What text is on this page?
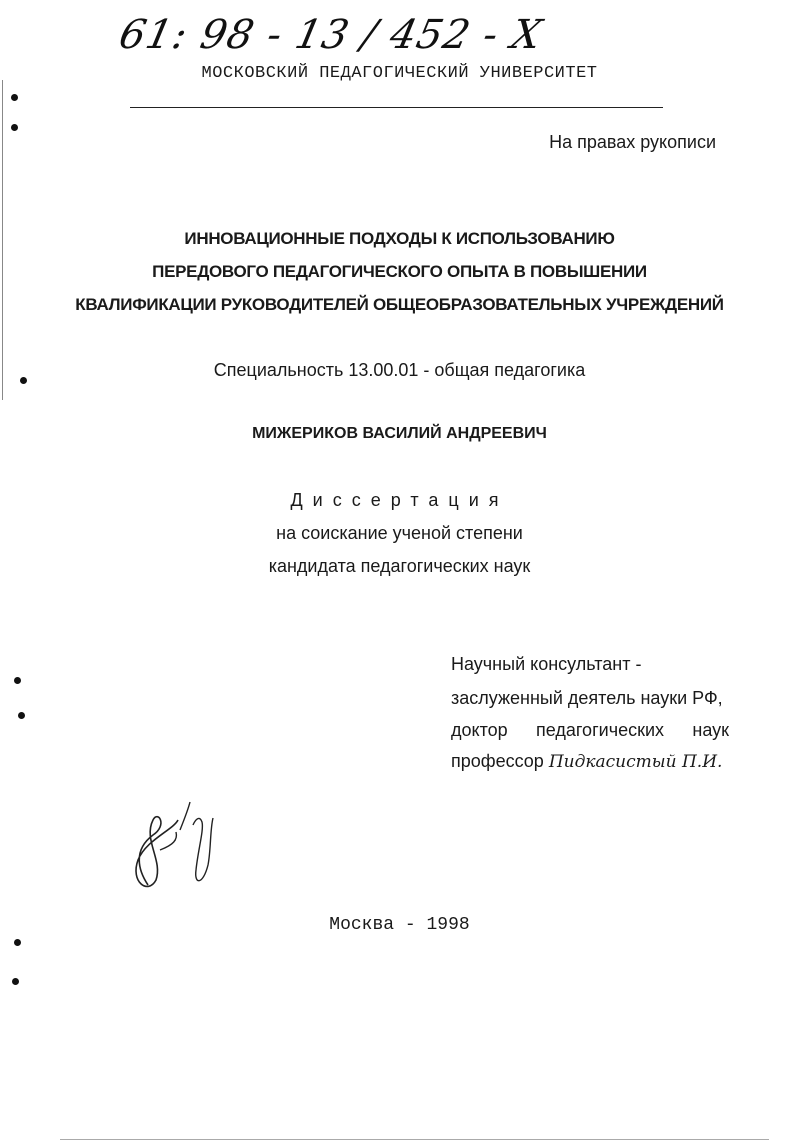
61: 98 - 13 / 452 - X
МОСКОВСКИЙ ПЕДАГОГИЧЕСКИЙ УНИВЕРСИТЕТ
На правах рукописи
ИННОВАЦИОННЫЕ ПОДХОДЫ К ИСПОЛЬЗОВАНИЮ
ПЕРЕДОВОГО ПЕДАГОГИЧЕСКОГО ОПЫТА В ПОВЫШЕНИИ
КВАЛИФИКАЦИИ РУКОВОДИТЕЛЕЙ ОБЩЕОБРАЗОВАТЕЛЬНЫХ УЧРЕЖДЕНИЙ
Специальность 13.00.01 - общая педагогика
МИЖЕРИКОВ ВАСИЛИЙ АНДРЕЕВИЧ
Диссертация
на соискание ученой степени
кандидата педагогических наук
Научный консультант -
заслуженный деятель науки РФ,
доктор педагогических наук
профессор Пидкасистый П.И.
Москва - 1998
